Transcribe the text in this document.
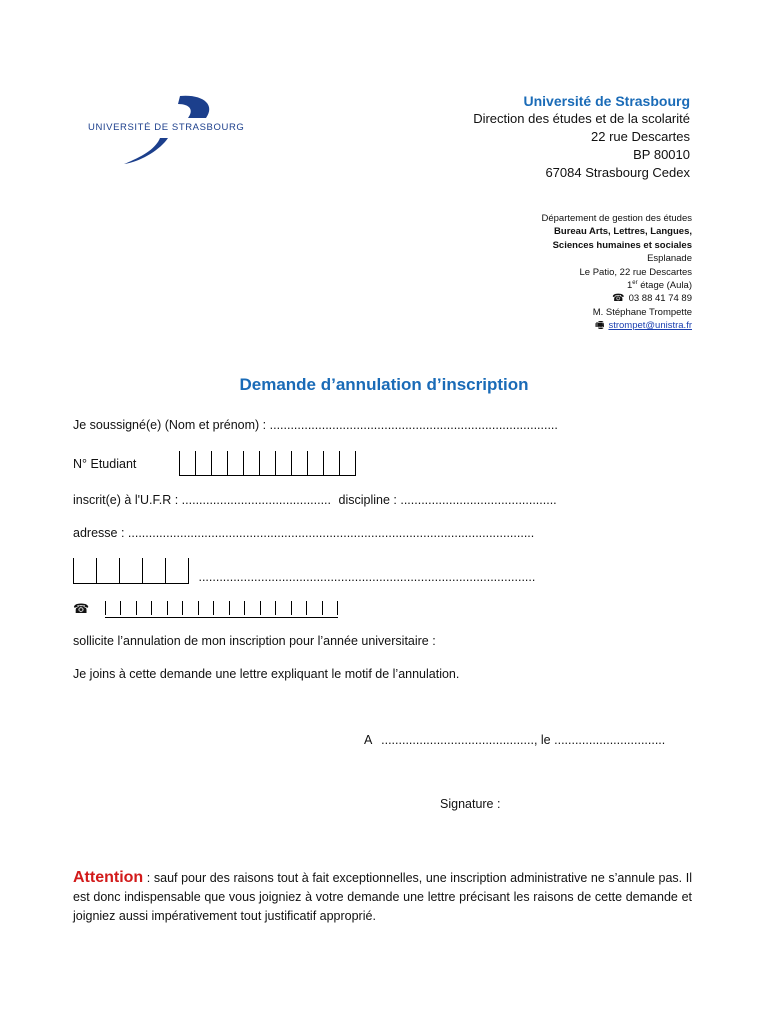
UNIVERSITÉ DE STRASBOURG
Université de Strasbourg
Direction des études et de la scolarité
22 rue Descartes
BP 80010
67084 Strasbourg Cedex
Département de gestion des études
Bureau Arts, Lettres, Langues,
Sciences humaines et sociales
Esplanade
Le Patio, 22 rue Descartes
1er étage (Aula)
☎ 03 88 41 74 89
M. Stéphane Trompette
🖷 strompet@unistra.fr
Demande d’annulation d’inscription
Je soussigné(e) (Nom et prénom) : ...................................................................................
N° Etudiant
inscrit(e) à l'U.F.R : ........................................... discipline : .............................................
adresse : .....................................................................................................................
.................................................................................................
☎
sollicite l’annulation de mon inscription pour l’année universitaire :
Je joins à cette demande une lettre expliquant le motif de l’annulation.
A ............................................, le ................................
Signature :
Attention : sauf pour des raisons tout à fait exceptionnelles, une inscription administrative ne s’annule pas. Il est donc indispensable que vous joigniez à votre demande une lettre précisant les raisons de cette demande et joigniez aussi impérativement tout justificatif approprié.
